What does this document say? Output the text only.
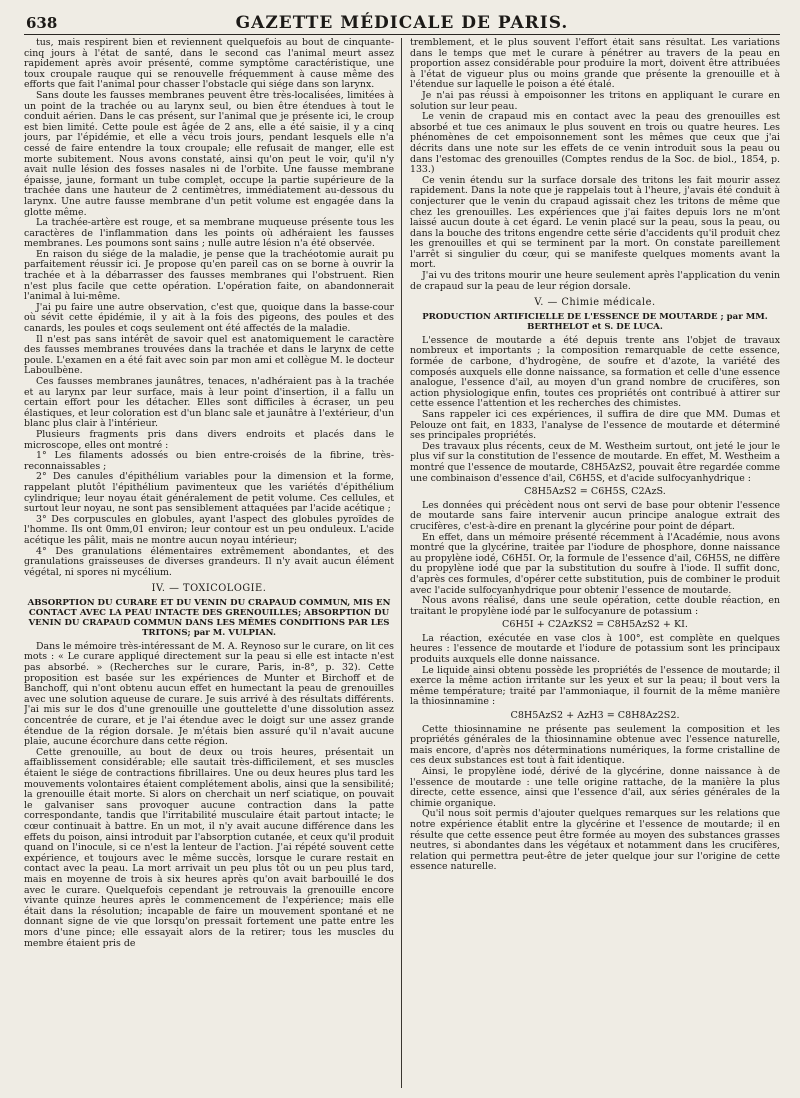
638	GAZETTE MÉDICALE DE PARIS.

tus, mais respirent bien et reviennent quelquefois au bout de cinquante-cinq jours à l'état de santé, dans le second cas l'animal meurt assez rapidement après avoir présenté, comme symptôme caractéristique, une toux croupale rauque qui se renouvelle fréquemment à cause même des efforts que fait l'animal pour chasser l'obstacle qui siége dans son larynx.

Sans doute les fausses membranes peuvent être très-localisées, limitées à un point de la trachée ou au larynx seul, ou bien être étendues à tout le conduit aérien. Dans le cas présent, sur l'animal que je présente ici, le croup est bien limité. Cette poule est âgée de 2 ans, elle a été saisie, il y a cinq jours, par l'épidémie, et elle a vécu trois jours, pendant lesquels elle n'a cessé de faire entendre la toux croupale; elle refusait de manger, elle est morte subitement. Nous avons constaté, ainsi qu'on peut le voir, qu'il n'y avait nulle lésion des fosses nasales ni de l'orbite. Une fausse membrane épaisse, jaune, formant un tube complet, occupe la partie supérieure de la trachée dans une hauteur de 2 centimètres, immédiatement au-dessous du larynx. Une autre fausse membrane d'un petit volume est engagée dans la glotte même.

La trachée-artère est rouge, et sa membrane muqueuse présente tous les caractères de l'inflammation dans les points où adhéraient les fausses membranes. Les poumons sont sains ; nulle autre lésion n'a été observée.

En raison du siége de la maladie, je pense que la trachéotomie aurait pu parfaitement réussir ici. Je propose qu'en pareil cas on se borne à ouvrir la trachée et à la débarrasser des fausses membranes qui l'obstruent. Rien n'est plus facile que cette opération. L'opération faite, on abandonnerait l'animal à lui-même.

J'ai pu faire une autre observation, c'est que, quoique dans la basse-cour où sévit cette épidémie, il y ait à la fois des pigeons, des poules et des canards, les poules et coqs seulement ont été affectés de la maladie.

Il n'est pas sans intérêt de savoir quel est anatomiquement le caractère des fausses membranes trouvées dans la trachée et dans le larynx de cette poule. L'examen en a été fait avec soin par mon ami et collègue M. le docteur Laboulbène.

Ces fausses membranes jaunâtres, tenaces, n'adhéraient pas à la trachée et au larynx par leur surface, mais à leur point d'insertion, il a fallu un certain effort pour les détacher. Elles sont difficiles à écraser, un peu élastiques, et leur coloration est d'un blanc sale et jaunâtre à l'extérieur, d'un blanc plus clair à l'intérieur.

Plusieurs fragments pris dans divers endroits et placés dans le microscope, elles ont montré :

1° Les filaments adossés ou bien entre-croisés de la fibrine, très-reconnaissables ;

2° Des canules d'épithélium variables pour la dimension et la forme, rappelant plutôt l'épithélium pavimenteux que les variétés d'épithélium cylindrique; leur noyau était généralement de petit volume. Ces cellules, et surtout leur noyau, ne sont pas sensiblement attaquées par l'acide acétique ;

3° Des corpuscules en globules, ayant l'aspect des globules pyroïdes de l'homme. Ils ont 0mm,01 environ; leur contour est un peu onduleux. L'acide acétique les pâlit, mais ne montre aucun noyau intérieur;

4° Des granulations élémentaires extrêmement abondantes, et des granulations graisseuses de diverses grandeurs. Il n'y avait aucun élément végétal, ni spores ni mycélium.

IV. — TOXICOLOGIE.

ABSORPTION DU CURARE ET DU VENIN DU CRAPAUD COMMUN, MIS EN CONTACT AVEC LA PEAU INTACTE DES GRENOUILLES; ABSORPTION DU VENIN DU CRAPAUD COMMUN DANS LES MÊMES CONDITIONS PAR LES TRITONS; par M. VULPIAN.

Dans le mémoire très-intéressant de M. A. Reynoso sur le curare, on lit ces mots : « Le curare appliqué directement sur la peau si elle est intacte n'est pas absorbé. » (Recherches sur le curare, Paris, in-8°, p. 32). Cette proposition est basée sur les expériences de Munter et Birchoff et de Banchoff, qui n'ont obtenu aucun effet en humectant la peau de grenouilles avec une solution aqueuse de curare. Je suis arrivé à des résultats différents. J'ai mis sur le dos d'une grenouille une gouttelette d'une dissolution assez concentrée de curare, et je l'ai étendue avec le doigt sur une assez grande étendue de la région dorsale. Je m'étais bien assuré qu'il n'avait aucune plaie, aucune écorchure dans cette région.

Cette grenouille, au bout de deux ou trois heures, présentait un affaiblissement considérable; elle sautait très-difficilement, et ses muscles étaient le siége de contractions fibrillaires. Une ou deux heures plus tard les mouvements volontaires étaient complétement abolis, ainsi que la sensibilité; la grenouille était morte. Si alors on cherchait un nerf sciatique, on pouvait le galvaniser sans provoquer aucune contraction dans la patte correspondante, tandis que l'irritabilité musculaire était partout intacte; le cœur continuait à battre. En un mot, il n'y avait aucune différence dans les effets du poison, ainsi introduit par l'absorption cutanée, et ceux qu'il produit quand on l'inocule, si ce n'est la lenteur de l'action. J'ai répété souvent cette expérience, et toujours avec le même succès, lorsque le curare restait en contact avec la peau. La mort arrivait un peu plus tôt ou un peu plus tard, mais en moyenne de trois à six heures après qu'on avait barbouillé le dos avec le curare. Quelquefois cependant je retrouvais la grenouille encore vivante quinze heures après le commencement de l'expérience; mais elle était dans la résolution; incapable de faire un mouvement spontané et ne donnant signe de vie que lorsqu'on pressait fortement une patte entre les mors d'une pince; elle essayait alors de la retirer; tous les muscles du membre étaient pris de

tremblement, et le plus souvent l'effort était sans résultat. Les variations dans le temps que met le curare à pénétrer au travers de la peau en proportion assez considérable pour produire la mort, doivent être attribuées à l'état de vigueur plus ou moins grande que présente la grenouille et à l'étendue sur laquelle le poison a été étalé.

Je n'ai pas réussi à empoisonner les tritons en appliquant le curare en solution sur leur peau.

Le venin de crapaud mis en contact avec la peau des grenouilles est absorbé et tue ces animaux le plus souvent en trois ou quatre heures. Les phénomènes de cet empoisonnement sont les mêmes que ceux que j'ai décrits dans une note sur les effets de ce venin introduit sous la peau ou dans l'estomac des grenouilles (Comptes rendus de la Soc. de biol., 1854, p. 133.)

Ce venin étendu sur la surface dorsale des tritons les fait mourir assez rapidement. Dans la note que je rappelais tout à l'heure, j'avais été conduit à conjecturer que le venin du crapaud agissait chez les tritons de même que chez les grenouilles. Les expériences que j'ai faites depuis lors ne m'ont laissé aucun doute à cet égard. Le venin placé sur la peau, sous la peau, ou dans la bouche des tritons engendre cette série d'accidents qu'il produit chez les grenouilles et qui se terminent par la mort. On constate pareillement l'arrêt si singulier du cœur, qui se manifeste quelques moments avant la mort.

J'ai vu des tritons mourir une heure seulement après l'application du venin de crapaud sur la peau de leur région dorsale.

V. — Chimie médicale.

PRODUCTION ARTIFICIELLE DE L'ESSENCE DE MOUTARDE ; par MM. BERTHELOT et S. DE LUCA.

L'essence de moutarde a été depuis trente ans l'objet de travaux nombreux et importants ; la composition remarquable de cette essence, formée de carbone, d'hydrogène, de soufre et d'azote, la variété des composés auxquels elle donne naissance, sa formation et celle d'une essence analogue, l'essence d'ail, au moyen d'un grand nombre de crucifères, son action physiologique enfin, toutes ces propriétés ont contribué à attirer sur cette essence l'attention et les recherches des chimistes.

Sans rappeler ici ces expériences, il suffira de dire que MM. Dumas et Pelouze ont fait, en 1833, l'analyse de l'essence de moutarde et déterminé ses principales propriétés.

Des travaux plus récents, ceux de M. Westheim surtout, ont jeté le jour le plus vif sur la constitution de l'essence de moutarde. En effet, M. Westheim a montré que l'essence de moutarde, C8H5AzS2, pouvait être regardée comme une combinaison d'essence d'ail, C6H5S, et d'acide sulfocyanhydrique :

C8H5AzS2 = C6H5S, C2AzS.

Les données qui précèdent nous ont servi de base pour obtenir l'essence de moutarde sans faire intervenir aucun principe analogue extrait des crucifères, c'est-à-dire en prenant la glycérine pour point de départ.

En effet, dans un mémoire présenté récemment à l'Académie, nous avons montré que la glycérine, traitée par l'iodure de phosphore, donne naissance au propylène iodé, C6H5I. Or, la formule de l'essence d'ail, C6H5S, ne diffère du propylène iodé que par la substitution du soufre à l'iode. Il suffit donc, d'après ces formules, d'opérer cette substitution, puis de combiner le produit avec l'acide sulfocyanhydrique pour obtenir l'essence de moutarde.

Nous avons réalisé, dans une seule opération, cette double réaction, en traitant le propylène iodé par le sulfocyanure de potassium :

C6H5I + C2AzKS2 = C8H5AzS2 + KI.

La réaction, exécutée en vase clos à 100°, est complète en quelques heures : l'essence de moutarde et l'iodure de potassium sont les principaux produits auxquels elle donne naissance.

Le liquide ainsi obtenu possède les propriétés de l'essence de moutarde; il exerce la même action irritante sur les yeux et sur la peau; il bout vers la même température; traité par l'ammoniaque, il fournit de la même manière la thiosinnamine :

C8H5AzS2 + AzH3 = C8H8Az2S2.

Cette thiosinnamine ne présente pas seulement la composition et les propriétés générales de la thiosinnamine obtenue avec l'essence naturelle, mais encore, d'après nos déterminations numériques, la forme cristalline de ces deux substances est tout à fait identique.

Ainsi, le propylène iodé, dérivé de la glycérine, donne naissance à de l'essence de moutarde : une telle origine rattache, de la manière la plus directe, cette essence, ainsi que l'essence d'ail, aux séries générales de la chimie organique.

Qu'il nous soit permis d'ajouter quelques remarques sur les relations que notre expérience établit entre la glycérine et l'essence de moutarde; il en résulte que cette essence peut être formée au moyen des substances grasses neutres, si abondantes dans les végétaux et notamment dans les crucifères, relation qui permettra peut-être de jeter quelque jour sur l'origine de cette essence naturelle.
